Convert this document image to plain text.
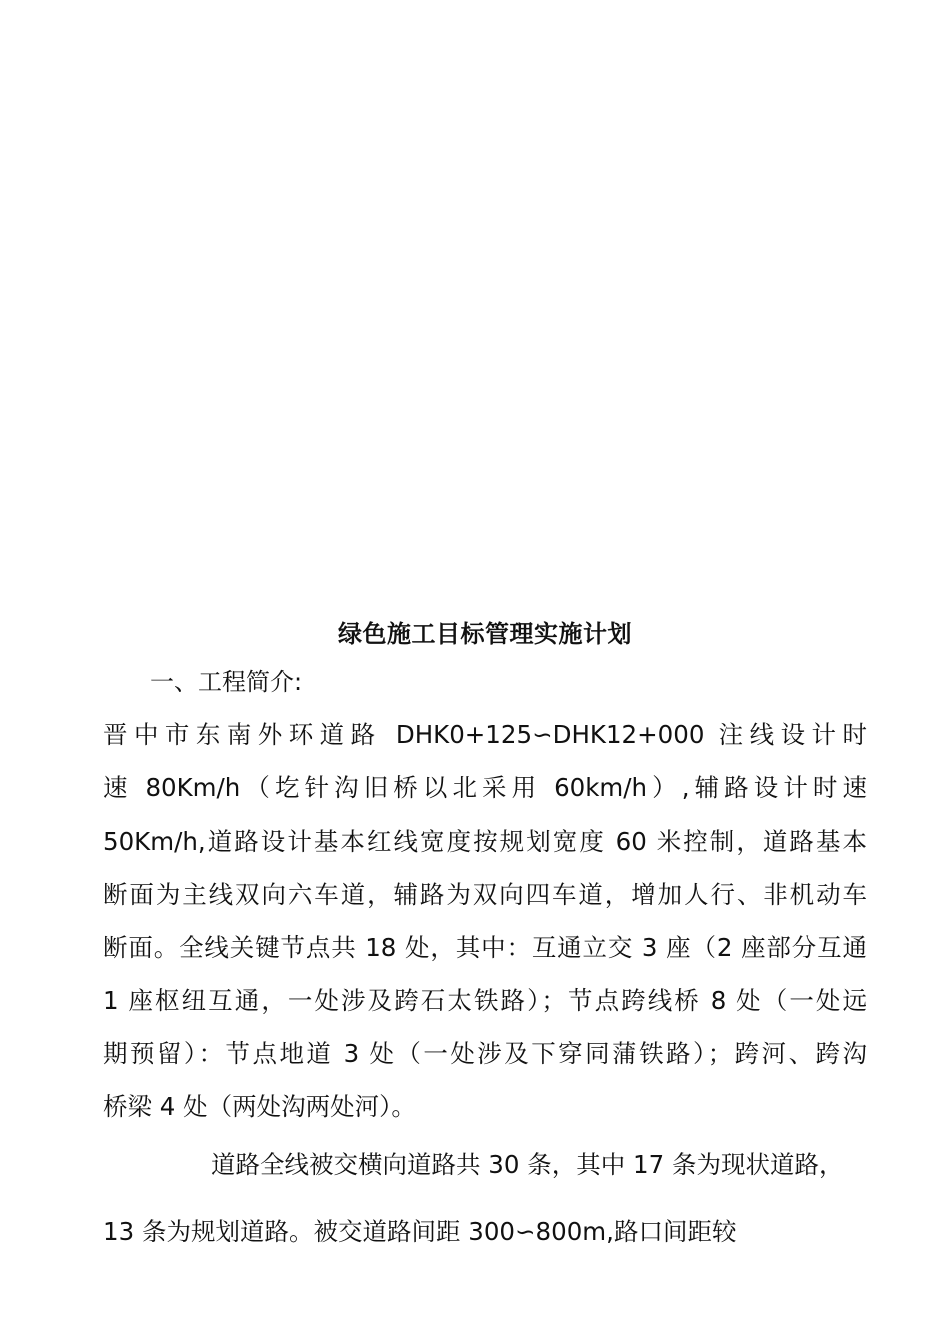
绿色施工目标管理实施计划
一、工程简介:
晋中市东南外环道路 DHK0+125∽DHK12+000 注线设计时
速 80Km/h（圪针沟旧桥以北采用 60km/h）,辅路设计时速
50Km/h,道路设计基本红线宽度按规划宽度 60 米控制，道路基本
断面为主线双向六车道，辅路为双向四车道，增加人行、非机动车
断面。全线关键节点共 18 处，其中：互通立交 3 座（2 座部分互通
1 座枢纽互通，一处涉及跨石太铁路）；节点跨线桥 8 处（一处远
期预留）：节点地道 3 处（一处涉及下穿同蒲铁路）；跨河、跨沟
桥梁 4 处（两处沟两处河）。
道路全线被交横向道路共 30 条，其中 17 条为现状道路，
13 条为规划道路。被交道路间距 300∽800m,路口间距较
